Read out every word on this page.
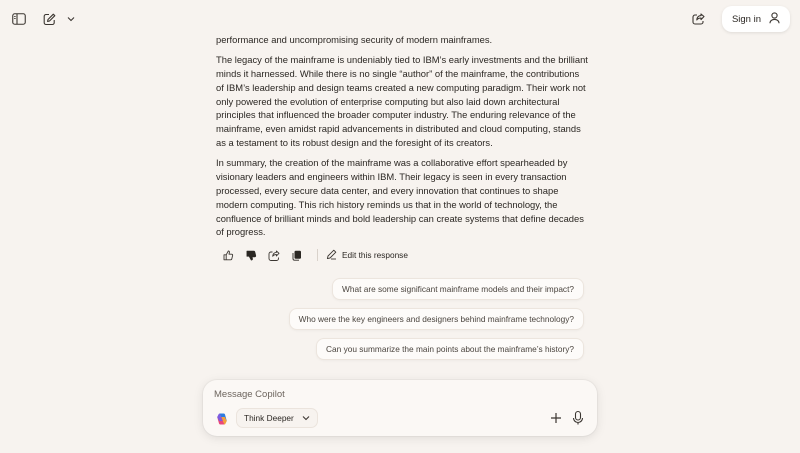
Sign in

performance and uncompromising security of modern mainframes.

The legacy of the mainframe is undeniably tied to IBM’s early investments and the brilliant minds it harnessed. While there is no single “author” of the mainframe, the contributions of IBM’s leadership and design teams created a new computing paradigm. Their work not only powered the evolution of enterprise computing but also laid down architectural principles that influenced the broader computer industry. The enduring relevance of the mainframe, even amidst rapid advancements in distributed and cloud computing, stands as a testament to its robust design and the foresight of its creators.

In summary, the creation of the mainframe was a collaborative effort spearheaded by visionary leaders and engineers within IBM. Their legacy is seen in every transaction processed, every secure data center, and every innovation that continues to shape modern computing. This rich history reminds us that in the world of technology, the confluence of brilliant minds and bold leadership can create systems that define decades of progress.

Edit this response
What are some significant mainframe models and their impact?
Who were the key engineers and designers behind mainframe technology?
Can you summarize the main points about the mainframe’s history?
Message Copilot
Think Deeper
